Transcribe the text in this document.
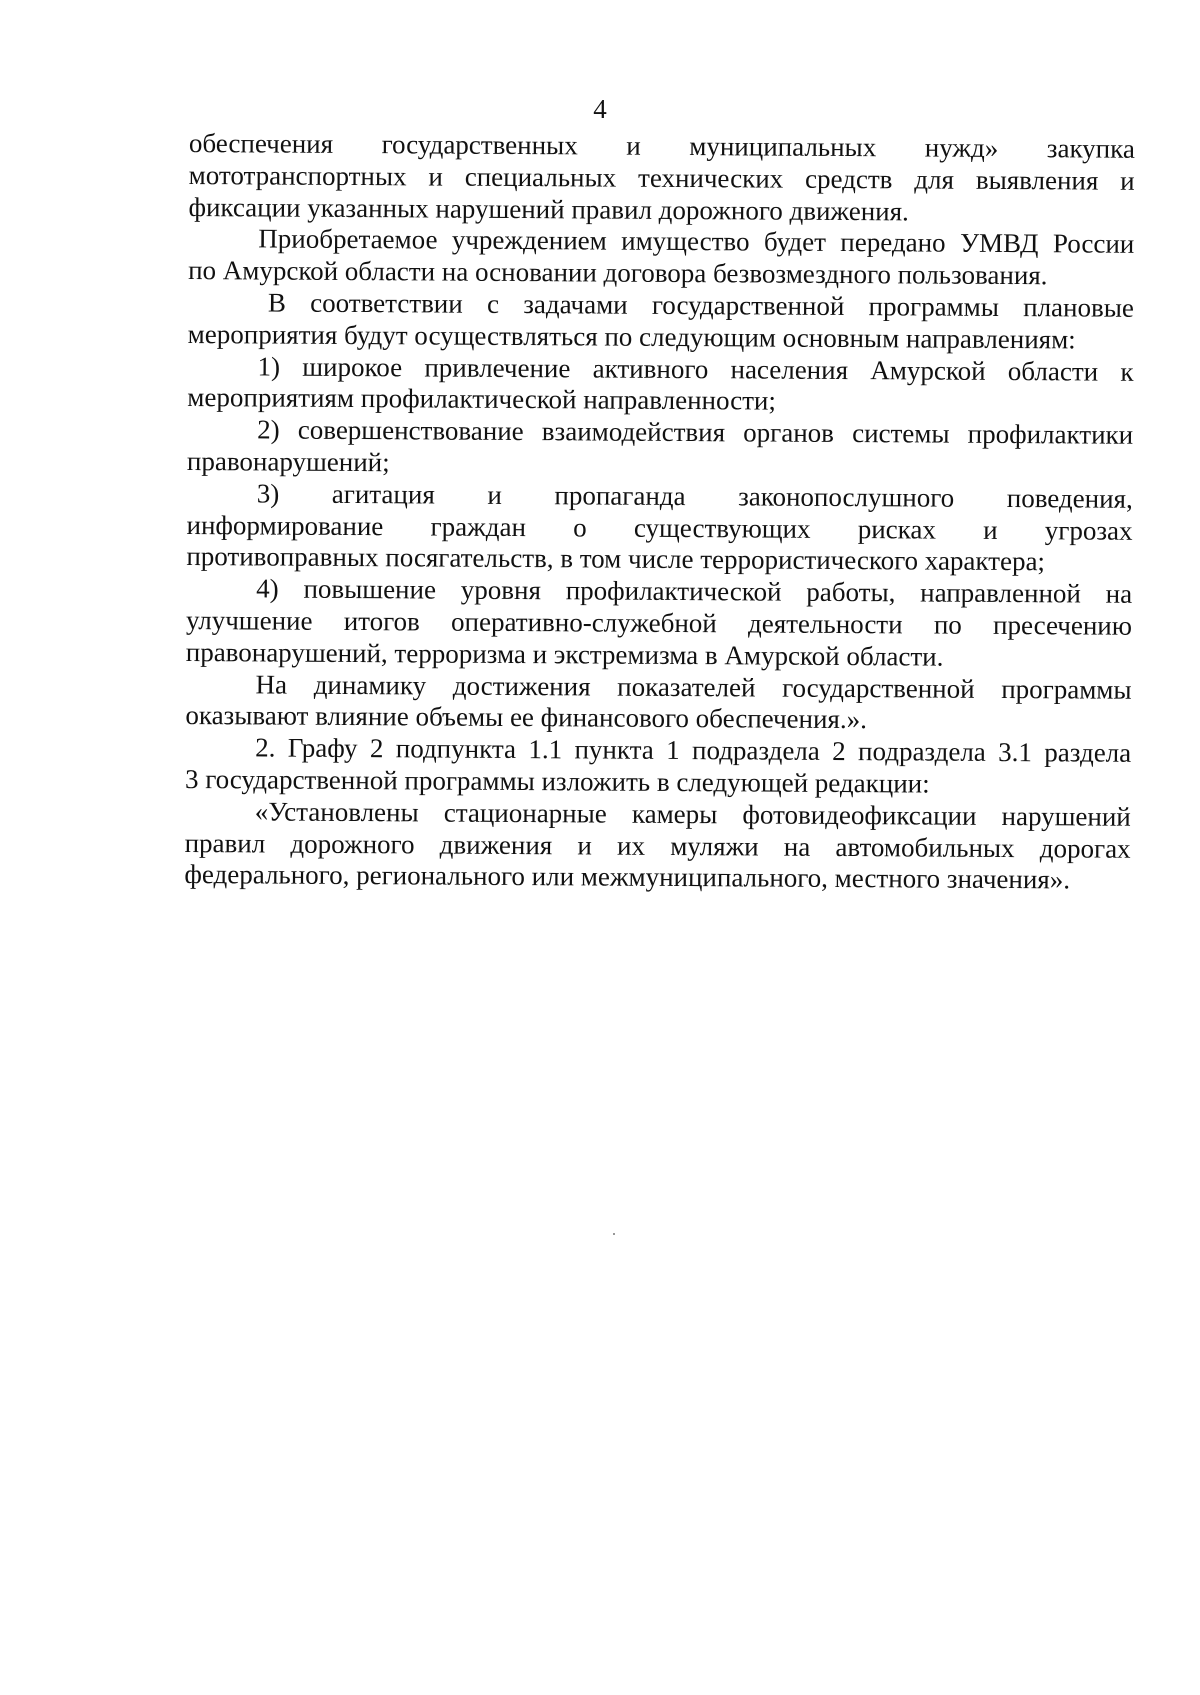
4

обеспечения государственных и муниципальных нужд» закупка
мототранспортных и специальных технических средств для выявления и
фиксации указанных нарушений правил дорожного движения.

Приобретаемое учреждением имущество будет передано УМВД России
по Амурской области на основании договора безвозмездного пользования.

В соответствии с задачами государственной программы плановые
мероприятия будут осуществляться по следующим основным направлениям:

1) широкое привлечение активного населения Амурской области к
мероприятиям профилактической направленности;

2) совершенствование взаимодействия органов системы профилактики
правонарушений;

3) агитация и пропаганда законопослушного поведения,
информирование граждан о существующих рисках и угрозах
противоправных посягательств, в том числе террористического характера;

4) повышение уровня профилактической работы, направленной на
улучшение итогов оперативно-служебной деятельности по пресечению
правонарушений, терроризма и экстремизма в Амурской области.

На динамику достижения показателей государственной программы
оказывают влияние объемы ее финансового обеспечения.».

2. Графу 2 подпункта 1.1 пункта 1 подраздела 2 подраздела 3.1 раздела
3 государственной программы изложить в следующей редакции:

«Установлены стационарные камеры фотовидеофиксации нарушений
правил дорожного движения и их муляжи на автомобильных дорогах
федерального, регионального или межмуниципального, местного значения».
